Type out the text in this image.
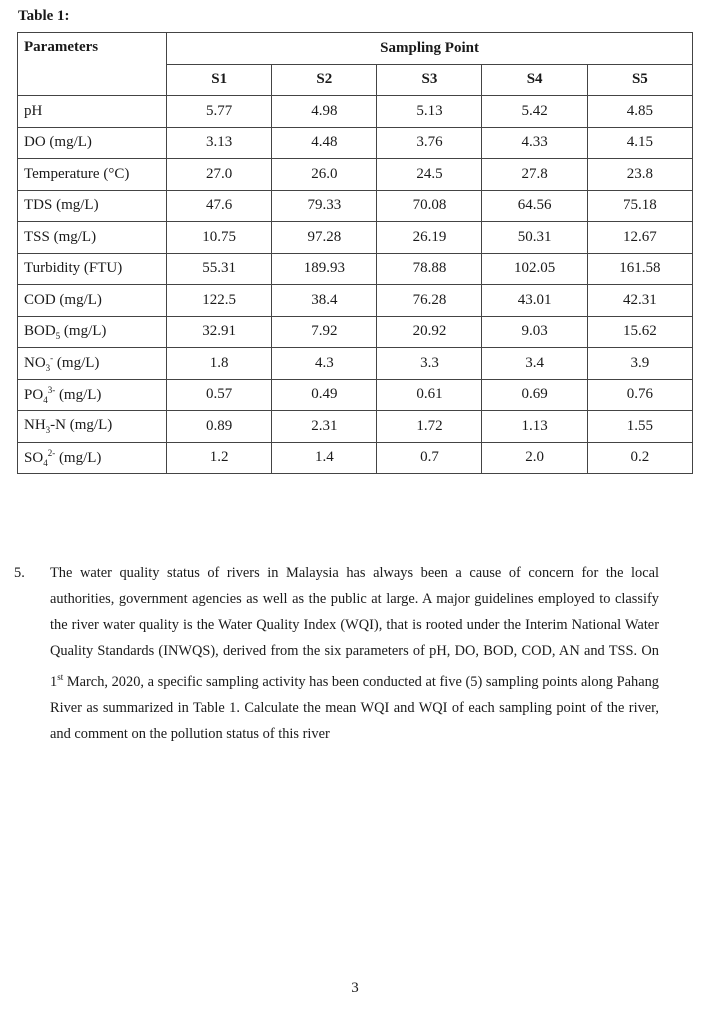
Table 1:
Parameters	Sampling Point				
	S1	S2	S3	S4	S5
pH	5.77	4.98	5.13	5.42	4.85
DO (mg/L)	3.13	4.48	3.76	4.33	4.15
Temperature (°C)	27.0	26.0	24.5	27.8	23.8
TDS (mg/L)	47.6	79.33	70.08	64.56	75.18
TSS (mg/L)	10.75	97.28	26.19	50.31	12.67
Turbidity (FTU)	55.31	189.93	78.88	102.05	161.58
COD (mg/L)	122.5	38.4	76.28	43.01	42.31
$BOD_5$ (mg/L)	32.91	7.92	20.92	9.03	15.62
$NO_3^-$ (mg/L)	1.8	4.3	3.3	3.4	3.9
$PO_4^{3-}$ (mg/L)	0.57	0.49	0.61	0.69	0.76
$NH_3-N$ (mg/L)	0.89	2.31	1.72	1.13	1.55
$SO_4^{2-}$ (mg/L)	1.2	1.4	0.7	2.0	0.2
5. The water quality status of rivers in Malaysia has always been a cause of concern for the local authorities, government agencies as well as the public at large. A major guidelines employed to classify the river water quality is the Water Quality Index (WQI), that is rooted under the Interim National Water Quality Standards (INWQS), derived from the six parameters of pH, DO, BOD, COD, AN and TSS. On 1st March, 2020, a specific sampling activity has been conducted at five (5) sampling points along Pahang River as summarized in Table 1. Calculate the mean WQI and WQI of each sampling point of the river, and comment on the pollution status of this river
3
